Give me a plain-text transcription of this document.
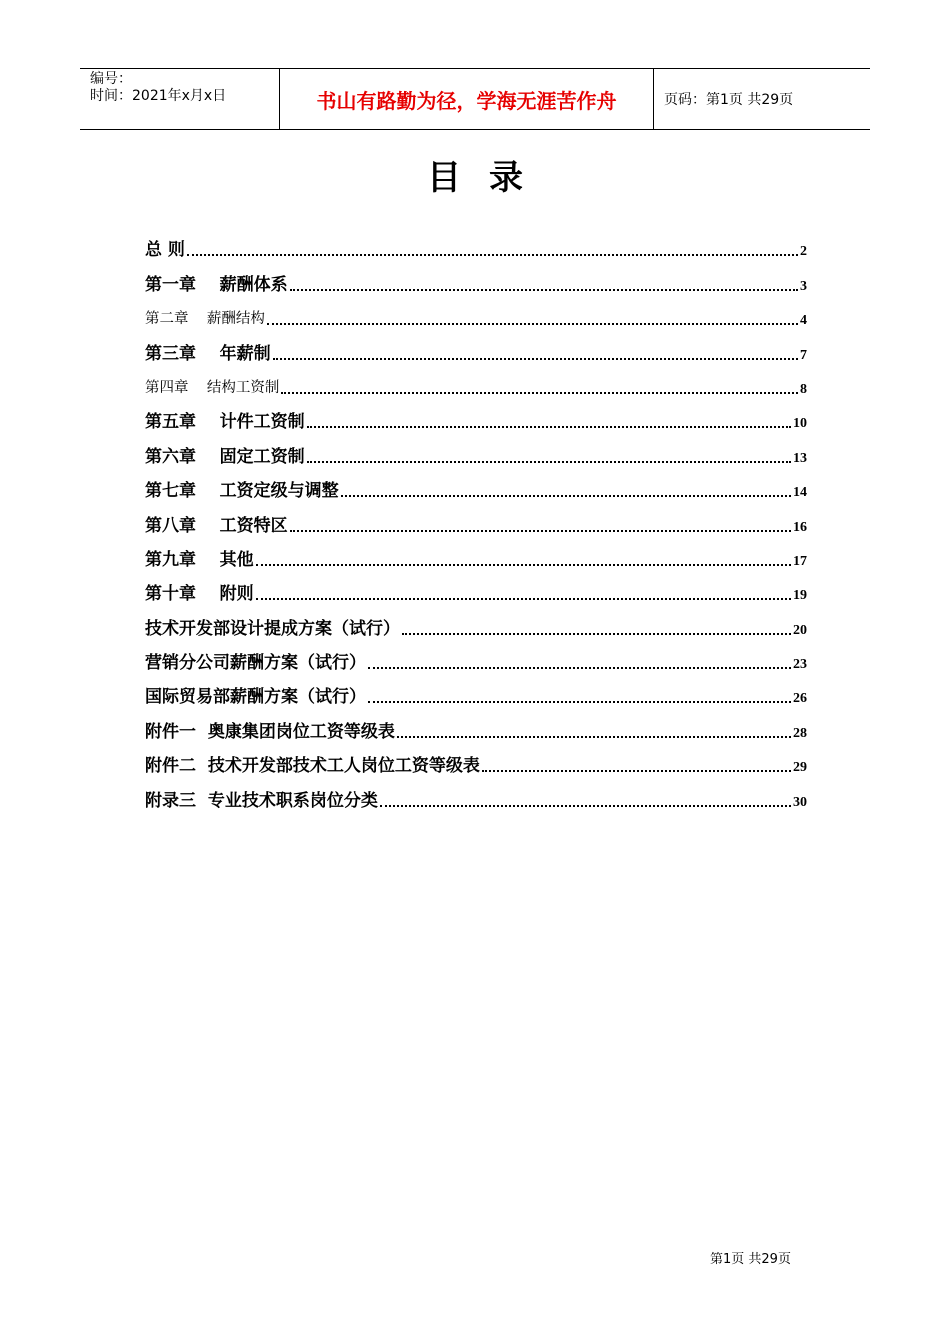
编号：
时间：2021年x月x日	书山有路勤为径，学海无涯苦作舟	页码：第1页 共29页
目录
总 则	2
第一章    薪酬体系	3
第二章    薪酬结构	4
第三章    年薪制	7
第四章    结构工资制	8
第五章    计件工资制	10
第六章    固定工资制	13
第七章    工资定级与调整	14
第八章    工资特区	16
第九章    其他	17
第十章    附则	19
技术开发部设计提成方案（试行）	20
营销分公司薪酬方案（试行）	23
国际贸易部薪酬方案（试行）	26
附件一  奥康集团岗位工资等级表	28
附件二  技术开发部技术工人岗位工资等级表	29
附录三  专业技术职系岗位分类	30
第1页 共29页
